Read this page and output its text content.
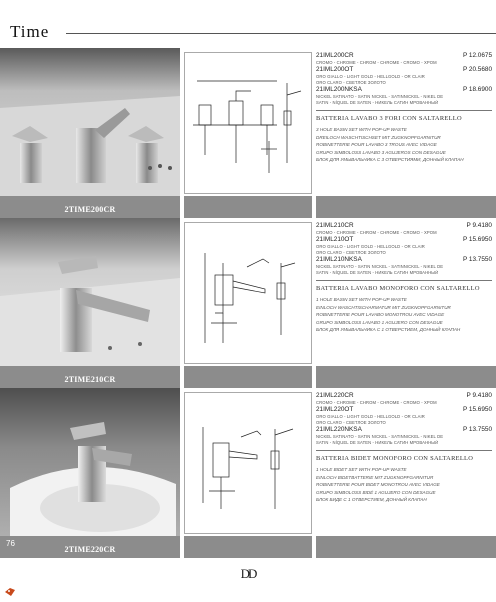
Time
2TIME200CR
21IML200CR	P 12.0675
CROMO - CHROME - CHROM - CHROME - CROMO - XPOM
21IML200OT	P 20.5680
ORO GIALLO - LIGHT GOLD - HELLGOLD - OR CLAIR
ORO CLARO - СВЕТЛОЕ ЗОЛОТО
21IML200NKSA	P 18.6900
NICKEL SATINATO - SATIN NICKEL - SATINNICKEL - NIKEL DE
SATIN - NÍQUEL DE SATEN - НИКЕЛЬ САТИН МРОВАННЫЙ
BATTERIA LAVABO 3 FORI CON SALTARELLO
3 HOLE BASIN SET WITH POP-UP WASTE
DREILOCH WASCHTISCHSET MIT ZUGKNOPFGARNITUR
ROBINETTERIE POUR LAVABO 3 TROUS AVEC VIDAGE
GRUPO SIMBOLOSS LAVABO 3 AGUJEROS CON DESAGUE
БЛОК ДЛЯ УМЫВАЛЬНИКА С 3 ОТВЕРСТИЯМИ, ДОННЫЙ КЛАПАН
2TIME210CR
21IML210CR	P 9.4180
CROMO - CHROME - CHROM - CHROME - CROMO - XPOM
21IML210OT	P 15.6950
ORO GIALLO - LIGHT GOLD - HELLGOLD - OR CLAIR
ORO CLARO - СВЕТЛОЕ ЗОЛОТО
21IML210NKSA	P 13.7550
NICKEL SATINATO - SATIN NICKEL - SATINNICKEL - NIKEL DE
SATIN - NÍQUEL DE SATEN - НИКЕЛЬ САТИН МРОВАННЫЙ
BATTERIA LAVABO MONOFORO CON SALTARELLO
1 HOLE BASIN SET WITH POP-UP WASTE
EINLOCH WASCHTISCHARMATUR MIT ZUGKNOPFGARNITUR
ROBINETTERIE POUR LAVABO MONOTROU AVEC VIDAGE
GRUPO SIMBOLOSS LAVABO 1 AGUJERO CON DESAGUE
БЛОК ДЛЯ УМЫВАЛЬНИКА С 1 ОТВЕРСТИЕМ, ДОННЫЙ КЛАПАН
2TIME220CR
21IML220CR	P 9.4180
CROMO - CHROME - CHROM - CHROME - CROMO - XPOM
21IML220OT	P 15.6950
ORO GIALLO - LIGHT GOLD - HELLGOLD - OR CLAIR
ORO CLARO - СВЕТЛОЕ ЗОЛОТО
21IML220NKSA	P 13.7550
NICKEL SATINATO - SATIN NICKEL - SATINNICKEL - NIKEL DE
SATIN - NÍQUEL DE SATEN - НИКЕЛЬ САТИН МРОВАННЫЙ
BATTERIA BIDET MONOFORO CON SALTARELLO
1 HOLE BIDET SET WITH POP-UP WASTE
EINLOCH BIDETBATTERIE MIT ZUGKNOPFGARNITUR
ROBINETTERIE POUR BIDET MONOTROU AVEC VIDAGE
GRUPO SIMBOLOSS BIDÉ 1 AGUJERO CON DESAGUE
БЛОК БИДЕ С 1 ОТВЕРСТИЕМ, ДОННЫЙ КЛАПАН
76
DD
